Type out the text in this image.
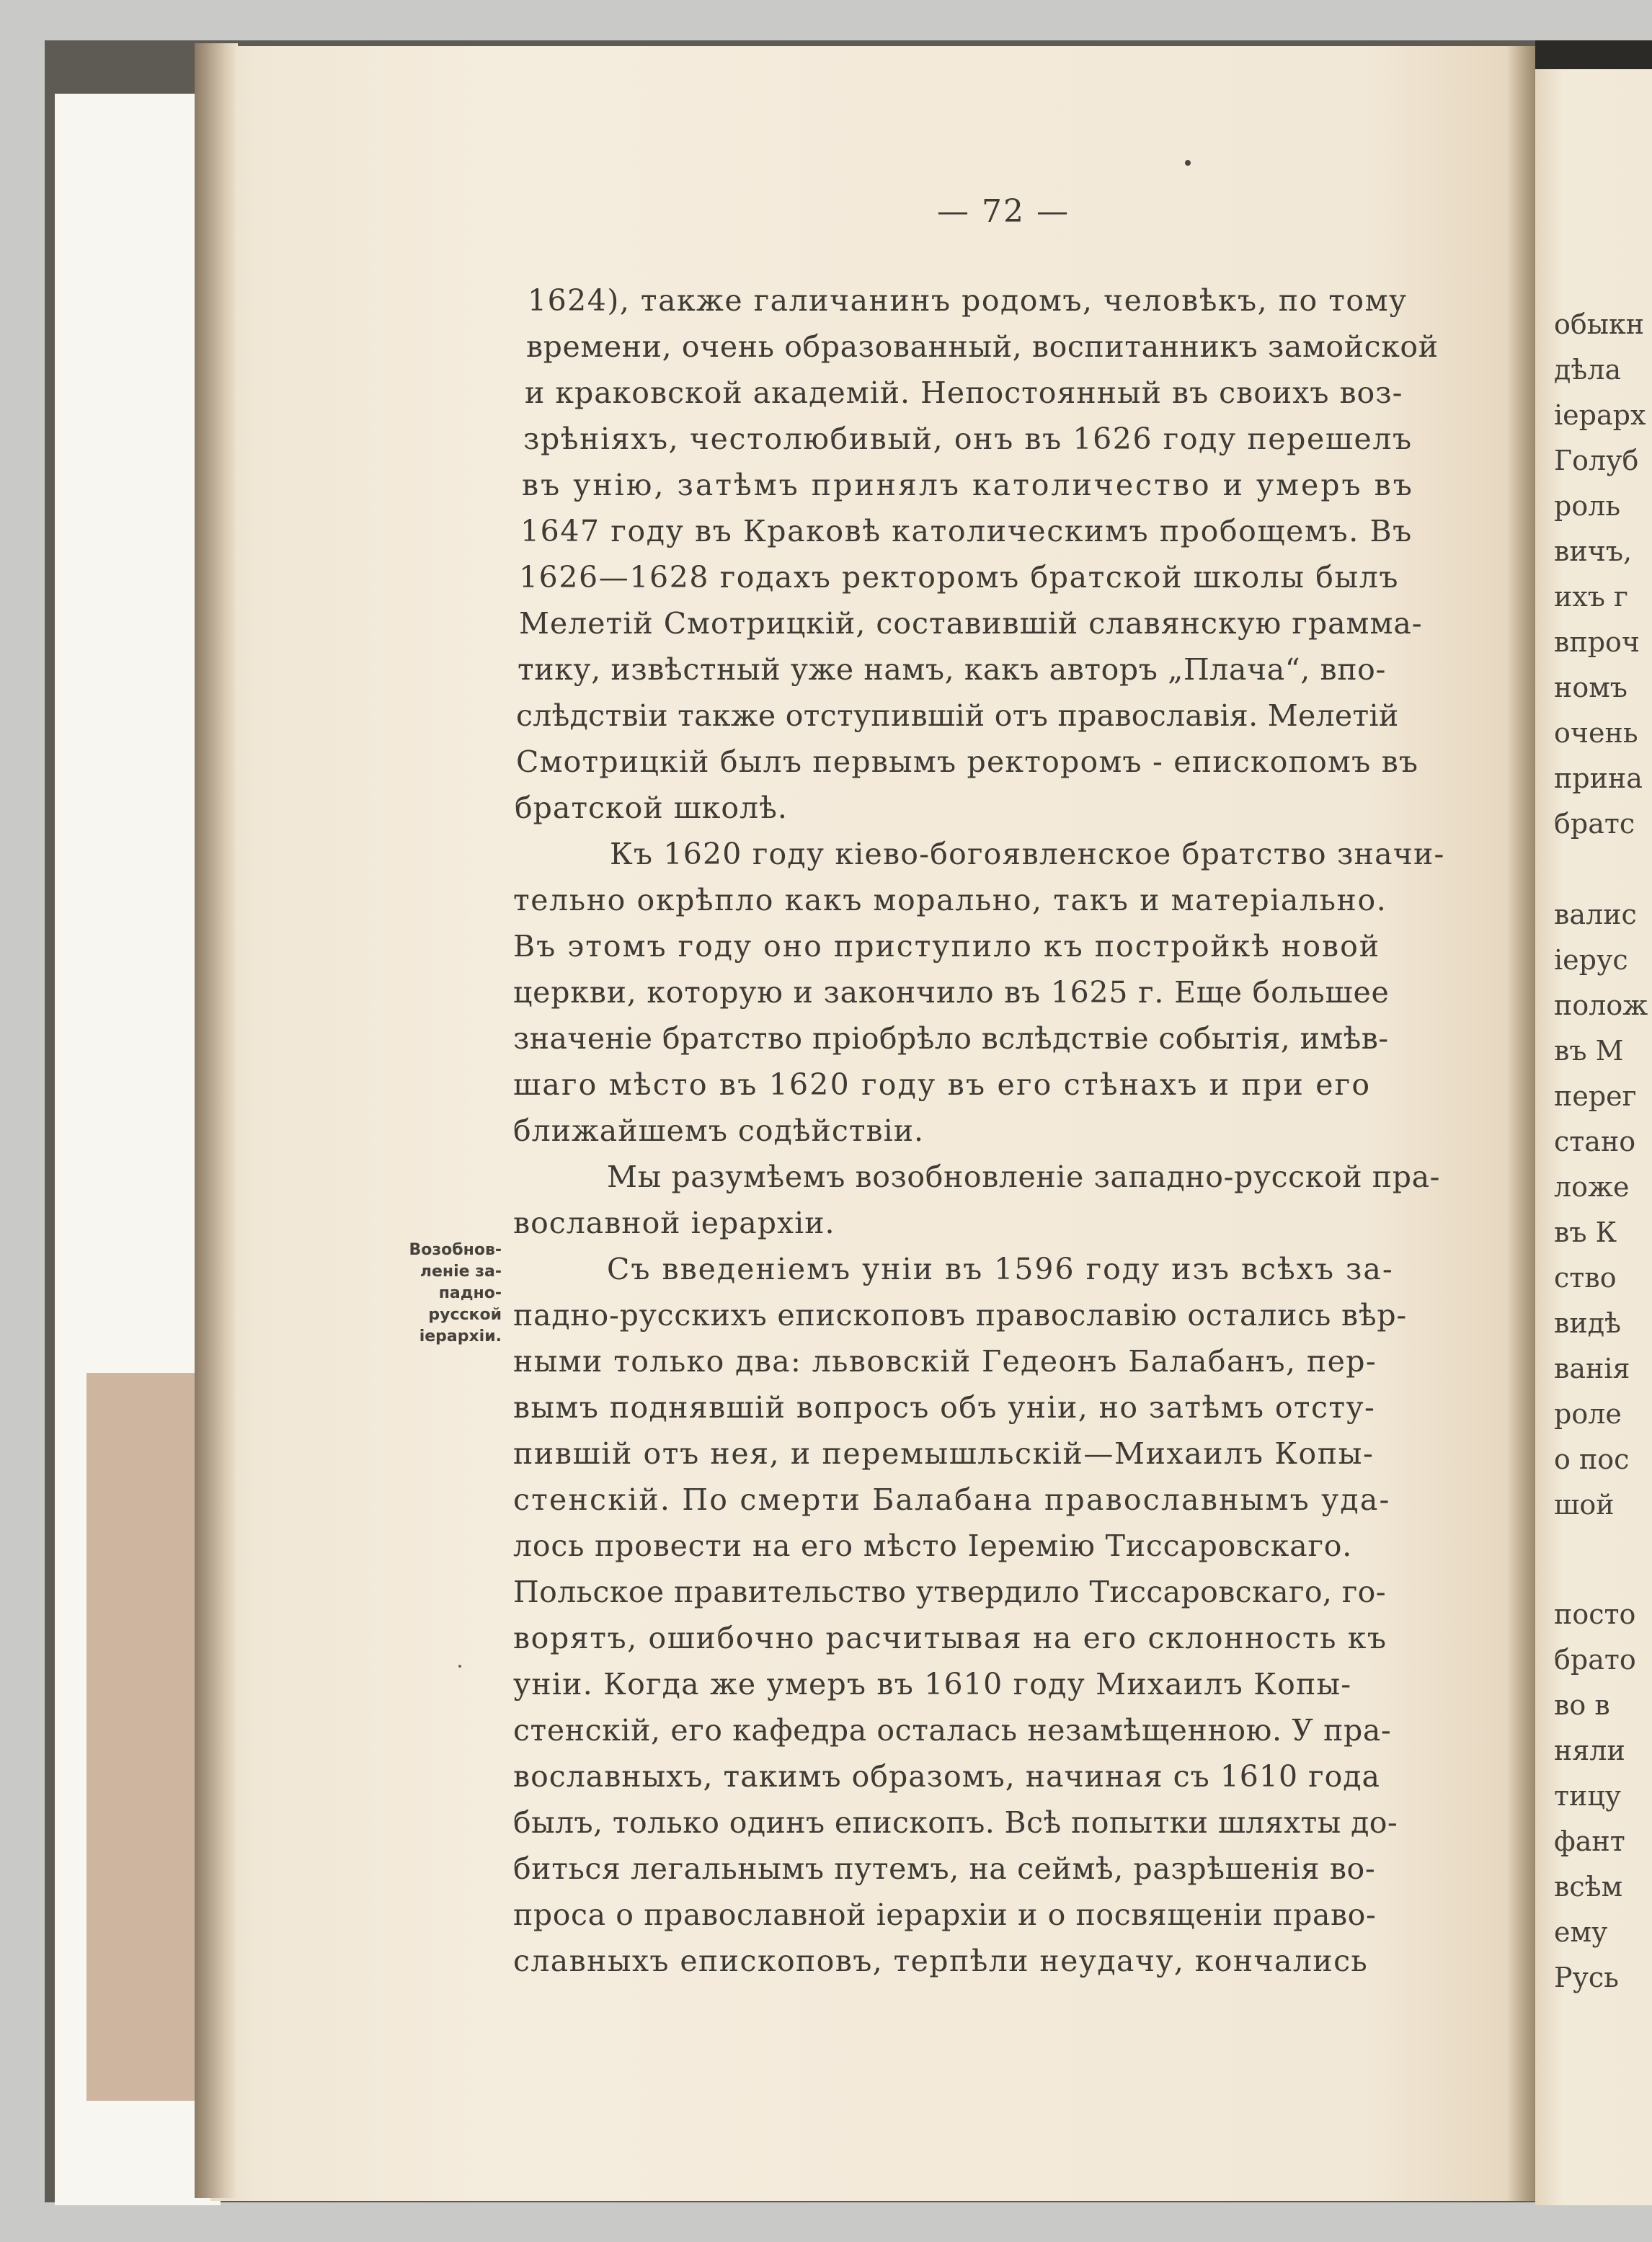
обыкн
дѣла
іерарх
Голуб
роль
вичъ,
ихъ г
впроч
номъ
очень
прина
братс
валис
іерус
полож
въ М
перег
стано
ложе
въ К
ство
видѣ
ванія
роле
о пос
шой
посто
брато
во в
няли
тицу
фант
всѣм
ему
Русь
— 72 —
1624), также галичанинъ родомъ, человѣкъ, по тому
времени, очень образованный, воспитанникъ замойской
и краковской академій. Непостоянный въ своихъ воз-
зрѣніяхъ, честолюбивый, онъ въ 1626 году перешелъ
въ унію, затѣмъ принялъ католичество и умеръ въ
1647 году въ Краковѣ католическимъ пробощемъ. Въ
1626—1628 годахъ ректоромъ братской школы былъ
Мелетій Смотрицкій, составившій славянскую грамма-
тику, извѣстный уже намъ, какъ авторъ „Плача“, впо-
слѣдствіи также отступившій отъ православія. Мелетій
Смотрицкій былъ первымъ ректоромъ - епископомъ въ
братской школѣ.
Къ 1620 году кіево-богоявленское братство значи-
тельно окрѣпло какъ морально, такъ и матеріально.
Въ этомъ году оно приступило къ постройкѣ новой
церкви, которую и закончило въ 1625 г. Еще большее
значеніе братство пріобрѣло вслѣдствіе событія, имѣв-
шаго мѣсто въ 1620 году въ его стѣнахъ и при его
ближайшемъ содѣйствіи.
Мы разумѣемъ возобновленіе западно-русской пра-
вославной іерархіи.
Съ введеніемъ уніи въ 1596 году изъ всѣхъ за-
падно-русскихъ епископовъ православію остались вѣр-
ными только два: львовскій Гедеонъ Балабанъ, пер-
вымъ поднявшій вопросъ объ уніи, но затѣмъ отсту-
пившій отъ нея, и перемышльскій—Михаилъ Копы-
стенскій. По смерти Балабана православнымъ уда-
лось провести на его мѣсто Іеремію Тиссаровскаго.
Польское правительство утвердило Тиссаровскаго, го-
ворятъ, ошибочно расчитывая на его склонность къ
уніи. Когда же умеръ въ 1610 году Михаилъ Копы-
стенскій, его кафедра осталась незамѣщенною. У пра-
вославныхъ, такимъ образомъ, начиная съ 1610 года
былъ, только одинъ епископъ. Всѣ попытки шляхты до-
биться легальнымъ путемъ, на сеймѣ, разрѣшенія во-
проса о православной іерархіи и о посвященіи право-
славныхъ епископовъ, терпѣли неудачу, кончались
Возобнов-
леніе за-
падно-
русской
іерархіи.
